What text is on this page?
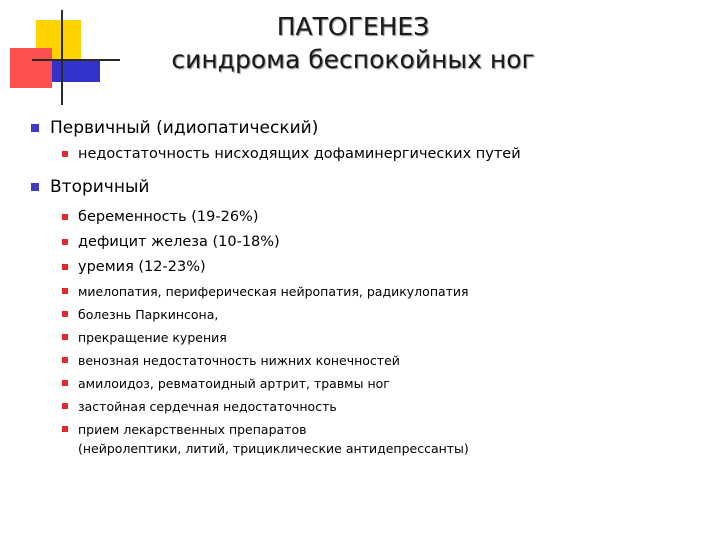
ПАТОГЕНЕЗ
синдрома беспокойных ног
Первичный (идиопатический)
недостаточность нисходящих дофаминергических путей
Вторичный
беременность (19-26%)
дефицит железа (10-18%)
уремия (12-23%)
миелопатия, периферическая нейропатия, радикулопатия
болезнь Паркинсона,
прекращение курения
венозная недостаточность нижних конечностей
амилоидоз, ревматоидный артрит, травмы ног
застойная сердечная недостаточность
прием лекарственных препаратов
(нейролептики, литий, трициклические антидепрессанты)
